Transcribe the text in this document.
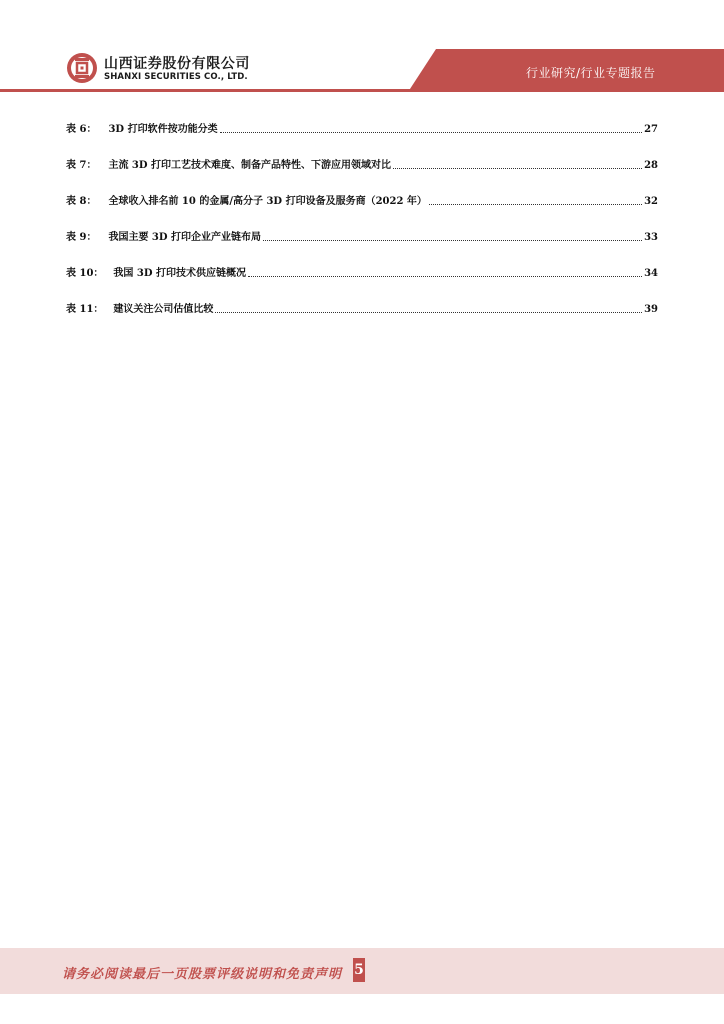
山西证券股份有限公司
SHANXI SECURITIES CO., LTD.	行业研究/行业专题报告
表 6： 3D 打印软件按功能分类	27
表 7： 主流 3D 打印工艺技术难度、制备产品特性、下游应用领域对比	28
表 8： 全球收入排名前 10 的金属/高分子 3D 打印设备及服务商（2022 年）	32
表 9： 我国主要 3D 打印企业产业链布局	33
表 10： 我国 3D 打印技术供应链概况	34
表 11： 建议关注公司估值比较	39
请务必阅读最后一页股票评级说明和免责声明 5
